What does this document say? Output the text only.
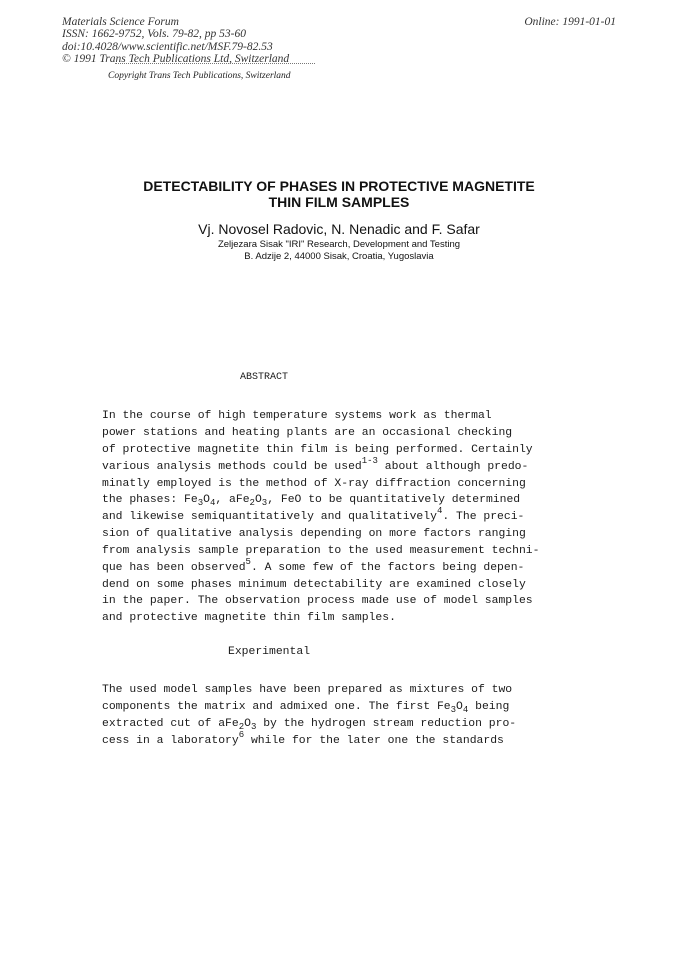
Materials Science Forum
ISSN: 1662-9752, Vols. 79-82, pp 53-60
doi:10.4028/www.scientific.net/MSF.79-82.53
© 1991 Trans Tech Publications Ltd, Switzerland
Online: 1991-01-01
Copyright Trans Tech Publications, Switzerland
DETECTABILITY OF PHASES IN PROTECTIVE MAGNETITE
THIN FILM SAMPLES
Vj. Novosel Radovic, N. Nenadic and F. Safar
Zeljezara Sisak "IRI" Research, Development and Testing
B. Adzije 2, 44000 Sisak, Croatia, Yugoslavia
ABSTRACT
In the course of high temperature systems work as thermal
power stations and heating plants are an occasional checking
of protective magnetite thin film is being performed. Certainly
various analysis methods could be used$^{1-3}$ about although predo-
minatly employed is the method of X-ray diffraction concerning
the phases: $Fe_3O_4$, $aFe_2O_3$, FeO to be quantitatively determined
and likewise semiquantitatively and qualitatively$^4$. The preci-
sion of qualitative analysis depending on more factors ranging
from analysis sample preparation to the used measurement techni-
que has been observed$^5$. A some few of the factors being depen-
dend on some phases minimum detectability are examined closely
in the paper. The observation process made use of model samples
and protective magnetite thin film samples.
Experimental
The used model samples have been prepared as mixtures of two
components the matrix and admixed one. The first $Fe_3O_4$ being
extracted cut of $aFe_2O_3$ by the hydrogen stream reduction pro-
cess in a laboratory$^6$ while for the later one the standards
